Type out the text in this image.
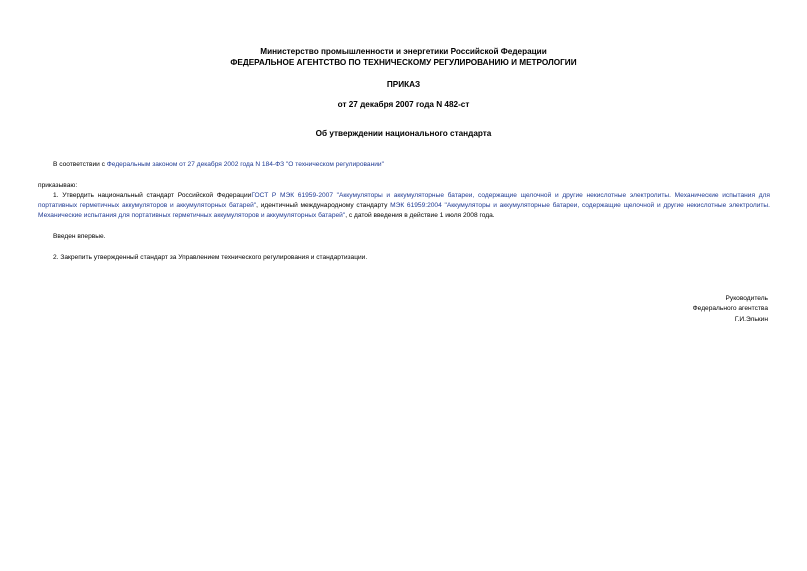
Министерство промышленности и энергетики Российской Федерации
ФЕДЕРАЛЬНОЕ АГЕНТСТВО ПО ТЕХНИЧЕСКОМУ РЕГУЛИРОВАНИЮ И МЕТРОЛОГИИ
ПРИКАЗ
от 27 декабря 2007 года N 482-ст
Об утверждении национального стандарта
В соответствии с Федеральным законом от 27 декабря 2002 года N 184-ФЗ "О техническом регулировании"
приказываю:
1. Утвердить национальный стандарт Российской ФедерацииГОСТ Р МЭК 61959-2007 "Аккумуляторы и аккумуляторные батареи, содержащие щелочной и другие некислотные электролиты. Механические испытания для портативных герметичных аккумуляторов и аккумуляторных батарей", идентичный международному стандарту МЭК 61959:2004 "Аккумуляторы и аккумуляторные батареи, содержащие щелочной и другие некислотные электролиты. Механические испытания для портативных герметичных аккумуляторов и аккумуляторных батарей", с датой введения в действие 1 июля 2008 года.
Введен впервые.
2. Закрепить утвержденный стандарт за Управлением технического регулирования и стандартизации.
Руководитель
Федерального агентства
Г.И.Элькин
